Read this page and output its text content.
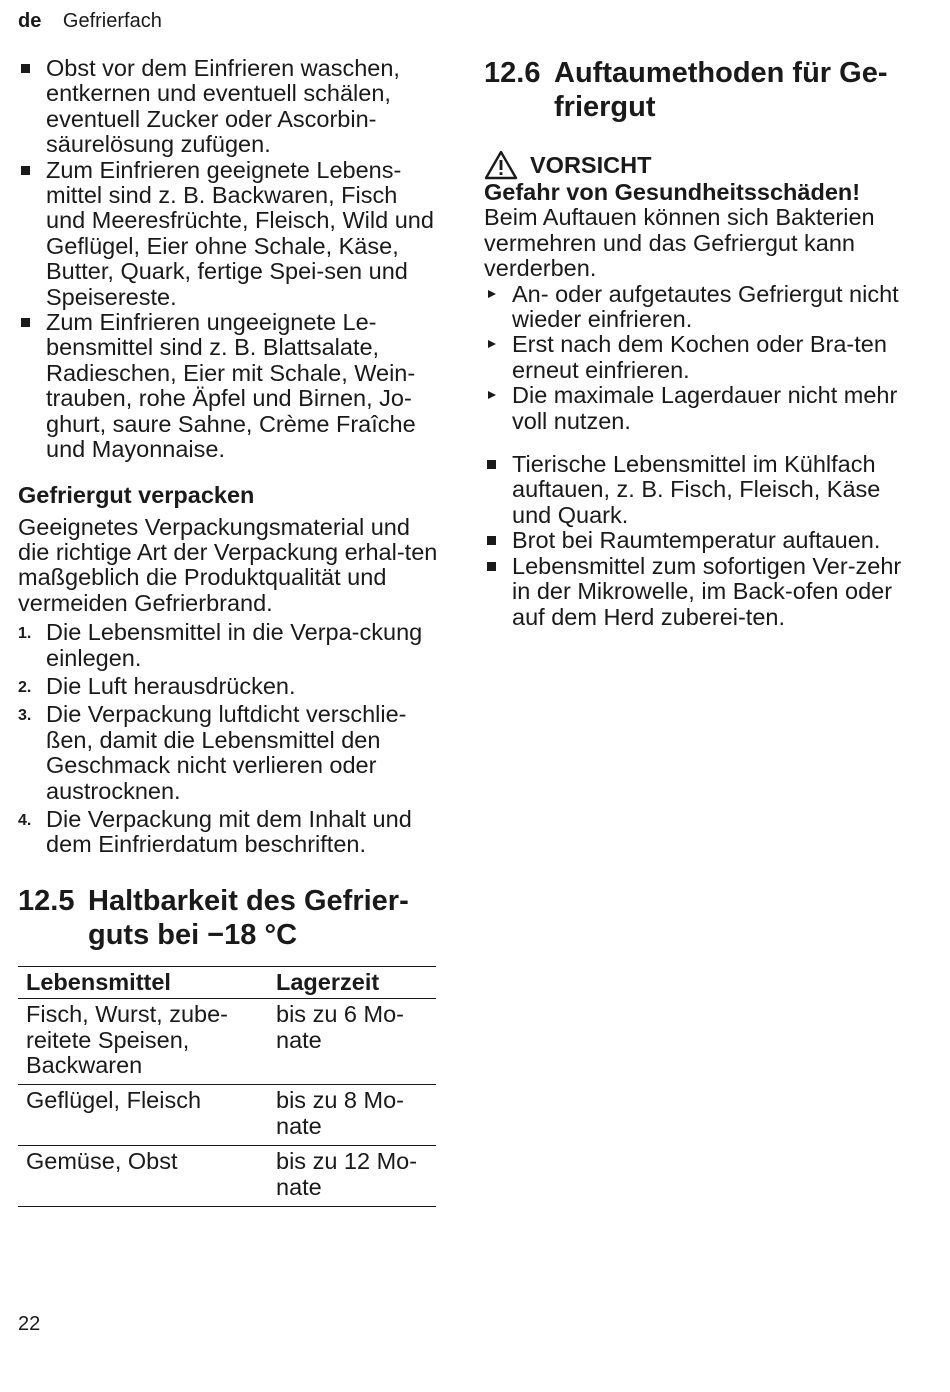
de Gefrierfach
Obst vor dem Einfrieren waschen, entkernen und eventuell schälen, eventuell Zucker oder Ascorbin-säurelösung zufügen.
Zum Einfrieren geeignete Lebens-mittel sind z. B. Backwaren, Fisch und Meeresfrüchte, Fleisch, Wild und Geflügel, Eier ohne Schale, Käse, Butter, Quark, fertige Spei-sen und Speisereste.
Zum Einfrieren ungeeignete Le-bensmittel sind z. B. Blattsalate, Radieschen, Eier mit Schale, Wein-trauben, rohe Äpfel und Birnen, Jo-ghurt, saure Sahne, Crème Fraîche und Mayonnaise.
Gefriergut verpacken
Geeignetes Verpackungsmaterial und die richtige Art der Verpackung erhal-ten maßgeblich die Produktqualität und vermeiden Gefrierbrand.
1. Die Lebensmittel in die Verpa-ckung einlegen.
2. Die Luft herausdrücken.
3. Die Verpackung luftdicht verschlie-ßen, damit die Lebensmittel den Geschmack nicht verlieren oder austrocknen.
4. Die Verpackung mit dem Inhalt und dem Einfrierdatum beschriften.
12.5 Haltbarkeit des Gefrier-guts bei −18 °C
Lebensmittel	Lagerzeit
Fisch, Wurst, zube-reitete Speisen, Backwaren	bis zu 6 Mo-nate
Geflügel, Fleisch	bis zu 8 Mo-nate
Gemüse, Obst	bis zu 12 Mo-nate
12.6 Auftaumethoden für Ge-friergut
VORSICHT
Gefahr von Gesundheitsschäden!
Beim Auftauen können sich Bakterien vermehren und das Gefriergut kann verderben.
An- oder aufgetautes Gefriergut nicht wieder einfrieren.
Erst nach dem Kochen oder Bra-ten erneut einfrieren.
Die maximale Lagerdauer nicht mehr voll nutzen.
Tierische Lebensmittel im Kühlfach auftauen, z. B. Fisch, Fleisch, Käse und Quark.
Brot bei Raumtemperatur auftauen.
Lebensmittel zum sofortigen Ver-zehr in der Mikrowelle, im Back-ofen oder auf dem Herd zuberei-ten.
22
